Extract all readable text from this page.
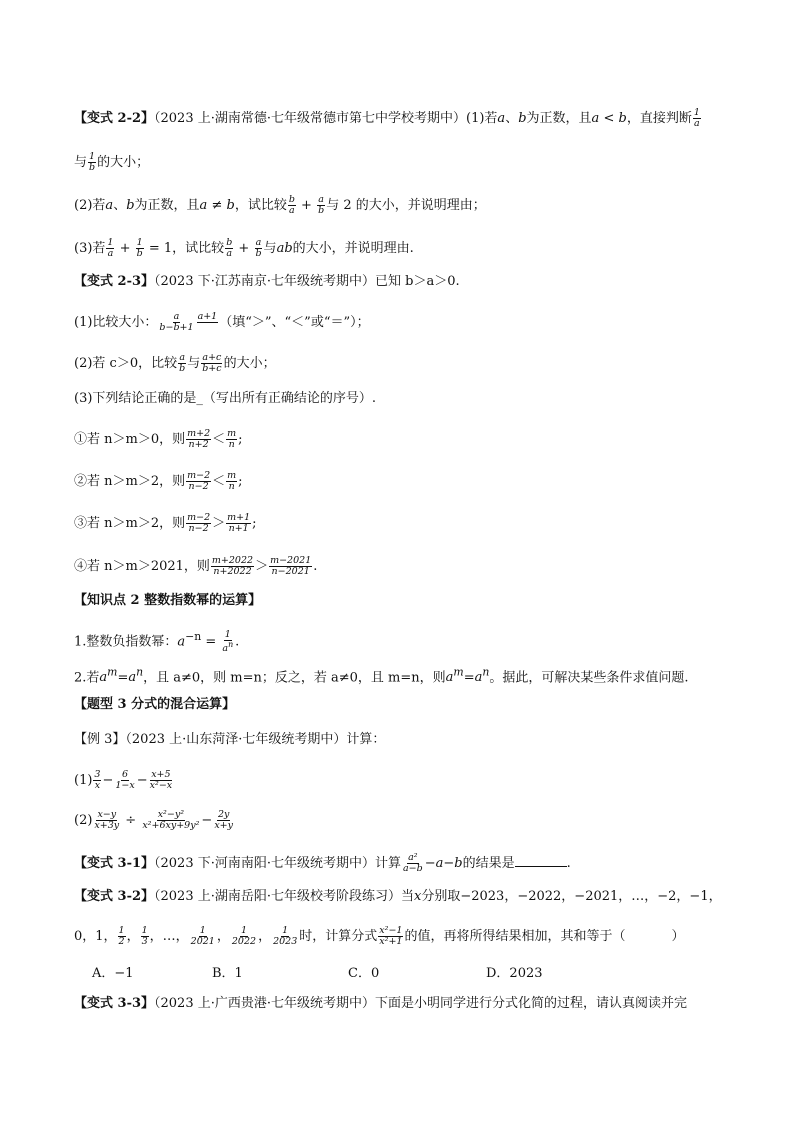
【变式 2-2】（2023 上·湖南常德·七年级常德市第七中学校考期中）(1)若a、b为正数，且a < b，直接判断 $\frac{1}{a}$
与 $\frac{1}{b}$ 的大小；
(2)若a、b为正数，且a ≠ b，试比较 $\frac{b}{a} + \frac{a}{b}$ 与 2 的大小，并说明理由；
(3)若 $\frac{1}{a} + \frac{1}{b} = 1$，试比较 $\frac{b}{a} + \frac{a}{b}$ 与ab的大小，并说明理由.
【变式 2-3】（2023 下·江苏南京·七年级统考期中）已知 b＞a＞0.
(1)比较大小： $\frac{a}{b-b+1} a+1$
（填“＞”、“＜”或“＝”）；
(2)若 c＞0，比较 $\frac{a}{b}$ 与 $\frac{a+c}{b+c}$ 的大小；
(3)下列结论正确的是_（写出所有正确结论的序号）.
①若 n＞m＞0，则 $\frac{m+2}{n+2} < \frac{m}{n}$ ;
②若 n＞m＞2，则 $\frac{m-2}{n-2} < \frac{m}{n}$ ;
③若 n＞m＞2，则 $\frac{m-2}{n-2} > \frac{m+1}{n+1}$ ;
④若 n＞m＞2021，则 $\frac{m+2022}{n+2022} > \frac{m-2021}{n-2021}$ .
【知识点 2 整数指数幂的运算】
1.整数负指数幂：$a^{-n} = \frac{1}{a^n}$ .
2.若$a^m=a^n$，且 a≠0，则 m=n；反之，若 a≠0，且 m=n，则$a^m=a^n$。据此，可解决某些条件求值问题.
【题型 3 分式的混合运算】
【例 3】（2023 上·山东菏泽·七年级统考期中）计算：
$(1) \frac{3}{x} - \frac{6}{1-x} - \frac{x+5}{\text{x²−x}}$
$(2) \frac{x-y}{x+3y} \div \frac{\text{x²−y²}}{\text{x²+6xy+9y²}} - \frac{2y}{x+y}$
【变式 3-1】（2023 下·河南南阳·七年级统考期中）计算 $\frac{\text{a²}}{a-b} -a-b$的结果是	.
【变式 3-2】（2023 上·湖南岳阳·七年级校考阶段练习）当x分别取−2023，−2022，−2021，…，−2，−1，
0，1， $\frac{1}{2}$ ， $\frac{1}{3}$ ，…， $\frac{1}{2021}$ ， $\frac{1}{2022}$ ， $\frac{1}{2023}$ 时，计算分式 $\frac{\text{x²−1}}{\text{x²+1}}$ 的值，再将所得结果相加，其和等于（	）
A．−1	B．1	C．0	D．2023
【变式 3-3】（2023 上·广西贵港·七年级统考期中）下面是小明同学进行分式化简的过程，请认真阅读并完
